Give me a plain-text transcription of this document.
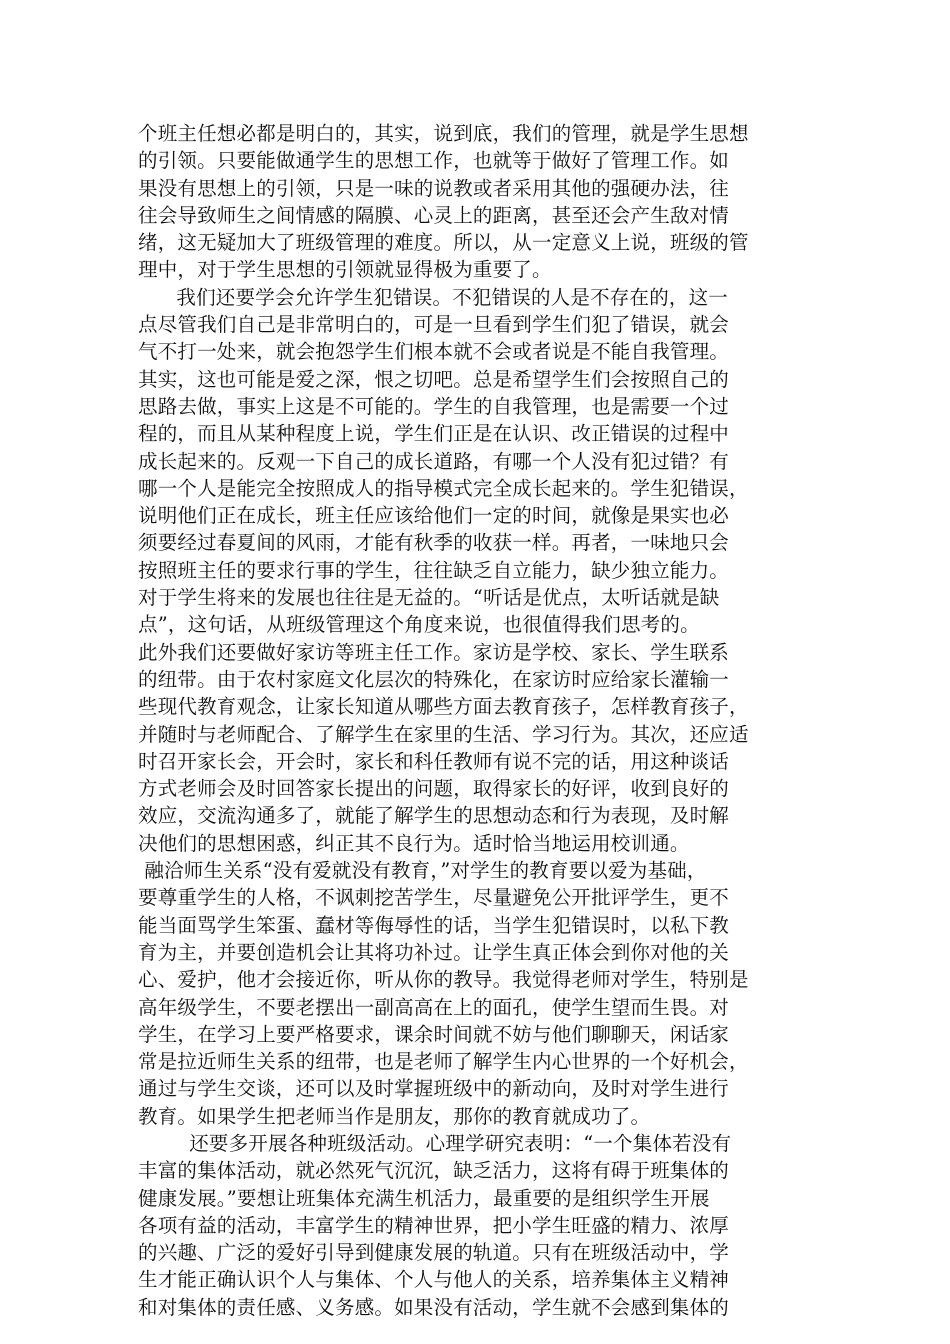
个班主任想必都是明白的，其实，说到底，我们的管理，就是学生思想
的引领。只要能做通学生的思想工作，也就等于做好了管理工作。如
果没有思想上的引领，只是一味的说教或者采用其他的强硬办法，往
往会导致师生之间情感的隔膜、心灵上的距离，甚至还会产生敌对情
绪，这无疑加大了班级管理的难度。所以，从一定意义上说，班级的管
理中，对于学生思想的引领就显得极为重要了。
我们还要学会允许学生犯错误。不犯错误的人是不存在的，这一
点尽管我们自己是非常明白的，可是一旦看到学生们犯了错误，就会
气不打一处来，就会抱怨学生们根本就不会或者说是不能自我管理。
其实，这也可能是爱之深，恨之切吧。总是希望学生们会按照自己的
思路去做，事实上这是不可能的。学生的自我管理，也是需要一个过
程的，而且从某种程度上说，学生们正是在认识、改正错误的过程中
成长起来的。反观一下自己的成长道路，有哪一个人没有犯过错？有
哪一个人是能完全按照成人的指导模式完全成长起来的。学生犯错误，
说明他们正在成长，班主任应该给他们一定的时间，就像是果实也必
须要经过春夏间的风雨，才能有秋季的收获一样。再者，一味地只会
按照班主任的要求行事的学生，往往缺乏自立能力，缺少独立能力。
对于学生将来的发展也往往是无益的。“听话是优点，太听话就是缺
点”，这句话，从班级管理这个角度来说，也很值得我们思考的。
此外我们还要做好家访等班主任工作。家访是学校、家长、学生联系
的纽带。由于农村家庭文化层次的特殊化，在家访时应给家长灌输一
些现代教育观念，让家长知道从哪些方面去教育孩子，怎样教育孩子，
并随时与老师配合、了解学生在家里的生活、学习行为。其次，还应适
时召开家长会，开会时，家长和科任教师有说不完的话，用这种谈话
方式老师会及时回答家长提出的问题，取得家长的好评，收到良好的
效应，交流沟通多了，就能了解学生的思想动态和行为表现，及时解
决他们的思想困惑，纠正其不良行为。适时恰当地运用校训通。
融洽师生关系“没有爱就没有教育，”对学生的教育要以爱为基础，
要尊重学生的人格，不讽刺挖苦学生，尽量避免公开批评学生，更不
能当面骂学生笨蛋、蠢材等侮辱性的话，当学生犯错误时，以私下教
育为主，并要创造机会让其将功补过。让学生真正体会到你对他的关
心、爱护，他才会接近你，听从你的教导。我觉得老师对学生，特别是
高年级学生，不要老摆出一副高高在上的面孔，使学生望而生畏。对
学生，在学习上要严格要求，课余时间就不妨与他们聊聊天，闲话家
常是拉近师生关系的纽带，也是老师了解学生内心世界的一个好机会，
通过与学生交谈，还可以及时掌握班级中的新动向，及时对学生进行
教育。如果学生把老师当作是朋友，那你的教育就成功了。
还要多开展各种班级活动。心理学研究表明：“一个集体若没有
丰富的集体活动，就必然死气沉沉，缺乏活力，这将有碍于班集体的
健康发展。”要想让班集体充满生机活力，最重要的是组织学生开展
各项有益的活动，丰富学生的精神世界，把小学生旺盛的精力、浓厚
的兴趣、广泛的爱好引导到健康发展的轨道。只有在班级活动中，学
生才能正确认识个人与集体、个人与他人的关系，培养集体主义精神
和对集体的责任感、义务感。如果没有活动，学生就不会感到集体的
